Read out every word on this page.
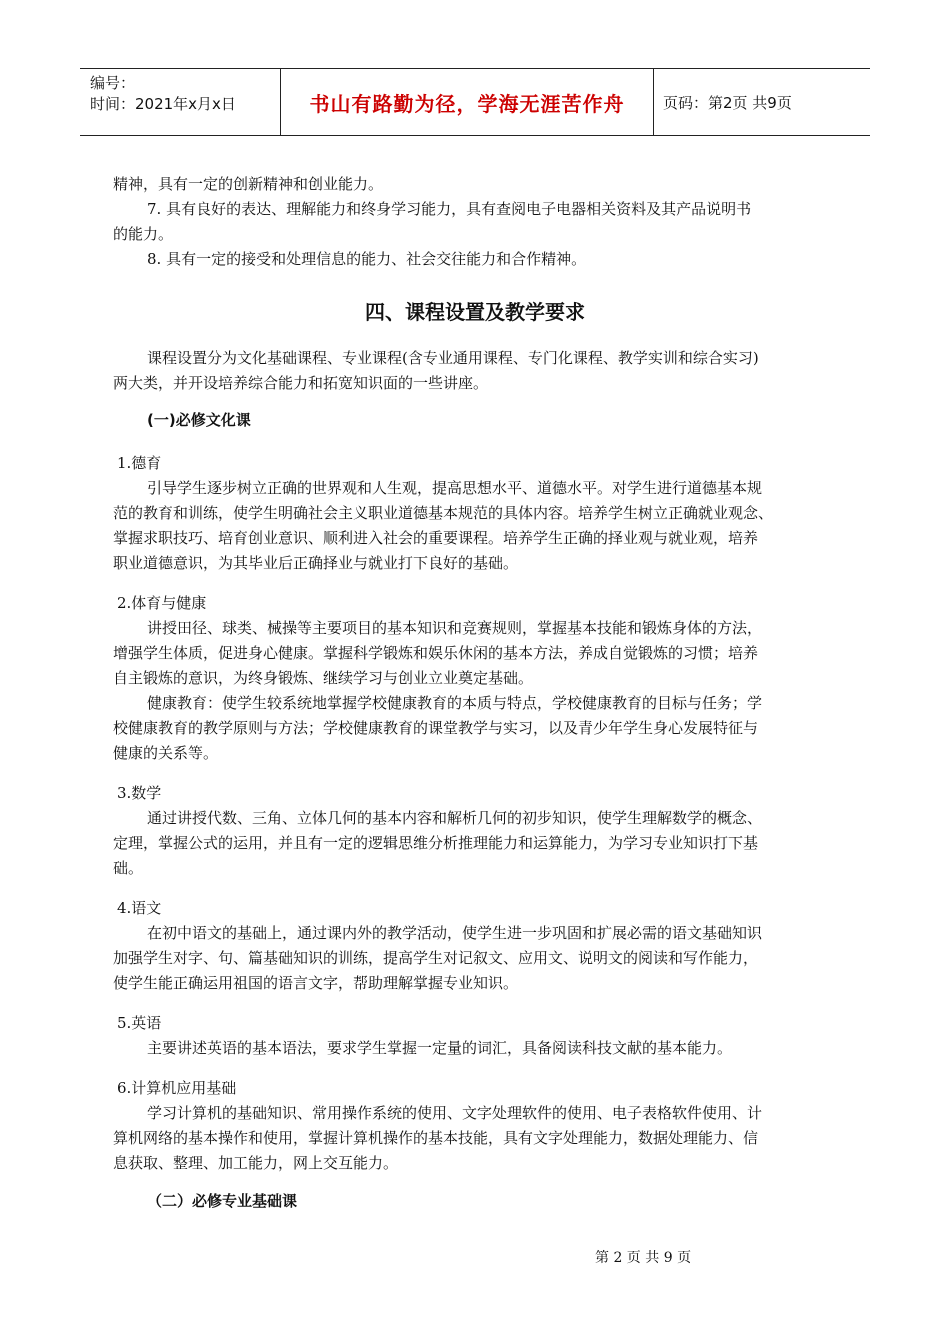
编号：
时间：2021年x月x日	书山有路勤为径，学海无涯苦作舟	页码：第2页 共9页
精神，具有一定的创新精神和创业能力。
7. 具有良好的表达、理解能力和终身学习能力，具有查阅电子电器相关资料及其产品说明书
的能力。
8. 具有一定的接受和处理信息的能力、社会交往能力和合作精神。
四、课程设置及教学要求
课程设置分为文化基础课程、专业课程(含专业通用课程、专门化课程、教学实训和综合实习)
两大类，并开设培养综合能力和拓宽知识面的一些讲座。
(一)必修文化课
1.德育
引导学生逐步树立正确的世界观和人生观，提高思想水平、道德水平。对学生进行道德基本规
范的教育和训练，使学生明确社会主义职业道德基本规范的具体内容。培养学生树立正确就业观念、
掌握求职技巧、培育创业意识、顺利进入社会的重要课程。培养学生正确的择业观与就业观，培养
职业道德意识，为其毕业后正确择业与就业打下良好的基础。
2.体育与健康
讲授田径、球类、械操等主要项目的基本知识和竞赛规则，掌握基本技能和锻炼身体的方法，
增强学生体质，促进身心健康。掌握科学锻炼和娱乐休闲的基本方法，养成自觉锻炼的习惯；培养
自主锻炼的意识，为终身锻炼、继续学习与创业立业奠定基础。
健康教育：使学生较系统地掌握学校健康教育的本质与特点，学校健康教育的目标与任务；学
校健康教育的教学原则与方法；学校健康教育的课堂教学与实习，以及青少年学生身心发展特征与
健康的关系等。
3.数学
通过讲授代数、三角、立体几何的基本内容和解析几何的初步知识，使学生理解数学的概念、
定理，掌握公式的运用，并且有一定的逻辑思维分析推理能力和运算能力，为学习专业知识打下基
础。
4.语文
在初中语文的基础上，通过课内外的教学活动，使学生进一步巩固和扩展必需的语文基础知识
加强学生对字、句、篇基础知识的训练，提高学生对记叙文、应用文、说明文的阅读和写作能力，
使学生能正确运用祖国的语言文字，帮助理解掌握专业知识。
5.英语
主要讲述英语的基本语法，要求学生掌握一定量的词汇，具备阅读科技文献的基本能力。
6.计算机应用基础
学习计算机的基础知识、常用操作系统的使用、文字处理软件的使用、电子表格软件使用、计
算机网络的基本操作和使用，掌握计算机操作的基本技能，具有文字处理能力，数据处理能力、信
息获取、整理、加工能力，网上交互能力。
（二）必修专业基础课
第 2 页 共 9 页
